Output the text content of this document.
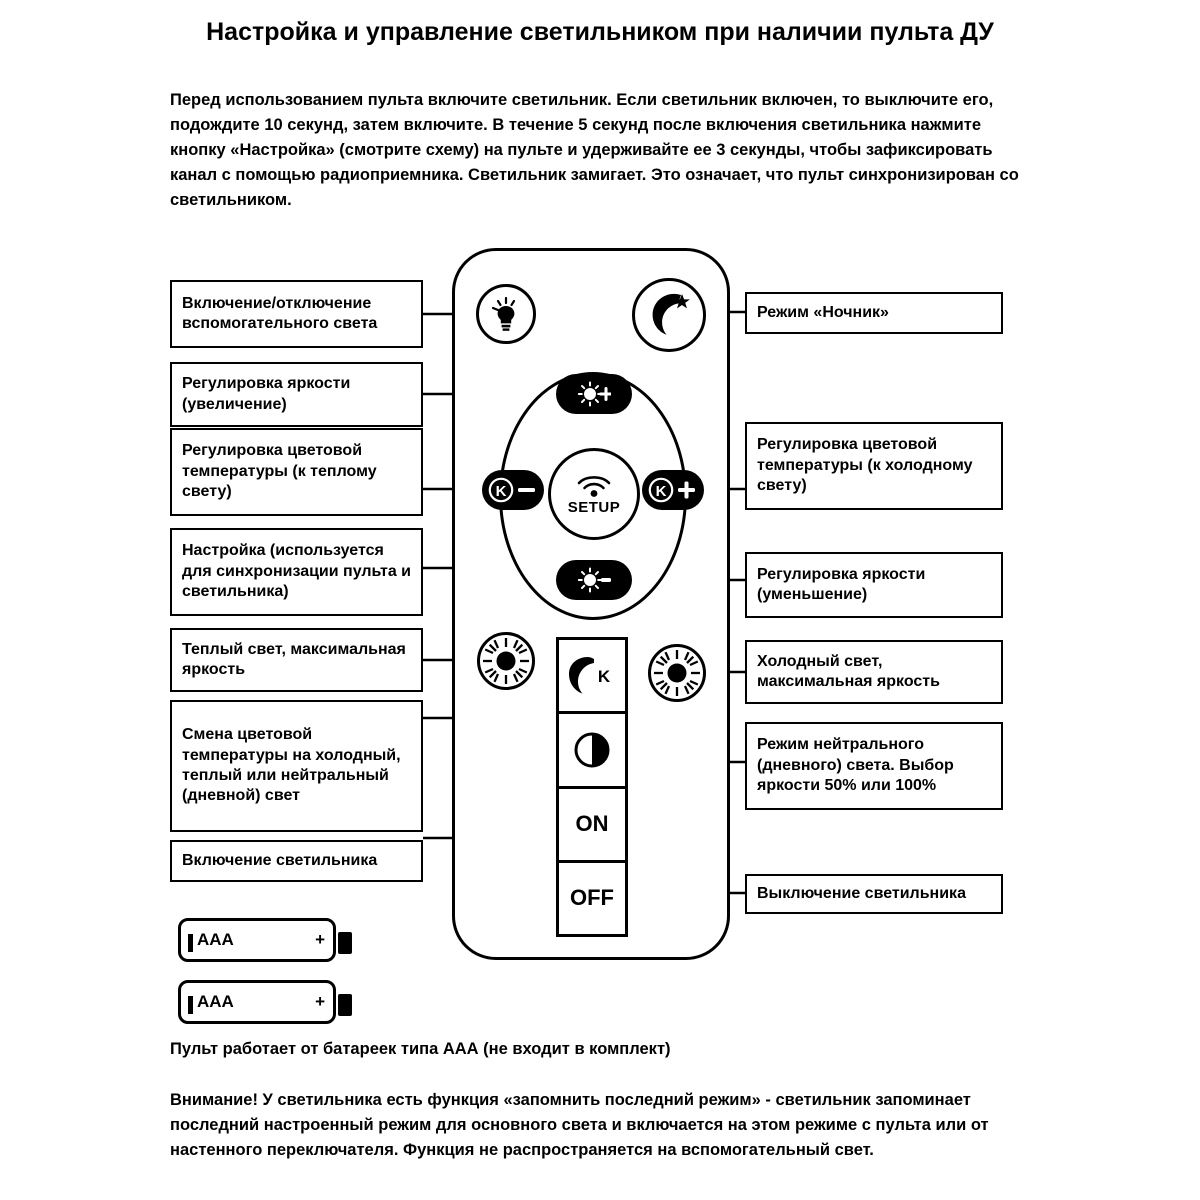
Настройка и управление светильником при наличии пульта ДУ
Перед использованием пульта включите светильник. Если светильник включен, то выключите его, подождите 10 секунд, затем включите. В течение 5 секунд после включения светильника нажмите кнопку «Настройка» (смотрите схему) на пульте и удерживайте ее 3 секунды, чтобы зафиксировать канал с помощью радиоприемника. Светильник замигает. Это означает, что пульт синхронизирован со светильником.
K	K
SETUP
K
ON
OFF
Включение/отключение вспомогательного света
Регулировка яркости (увеличение)
Регулировка цветовой температуры (к теплому свету)
Настройка (используется для синхронизации пульта и светильника)
Теплый свет, максимальная яркость
Смена цветовой температуры на холодный, теплый или нейтральный (дневной) свет
Включение светильника
Режим «Ночник»
Регулировка цветовой температуры (к холодному свету)
Регулировка яркости (уменьшение)
Холодный свет, максимальная яркость
Режим нейтрального (дневного) света. Выбор яркости 50% или 100%
Выключение светильника
AAA	+
AAA	+
Пульт работает от батареек типа ААА (не входит в комплект)
Внимание! У светильника есть функция «запомнить последний режим» - светильник запоминает последний настроенный режим для основного света и включается на этом режиме с пульта или от настенного переключателя. Функция не распространяется на вспомогательный свет.
